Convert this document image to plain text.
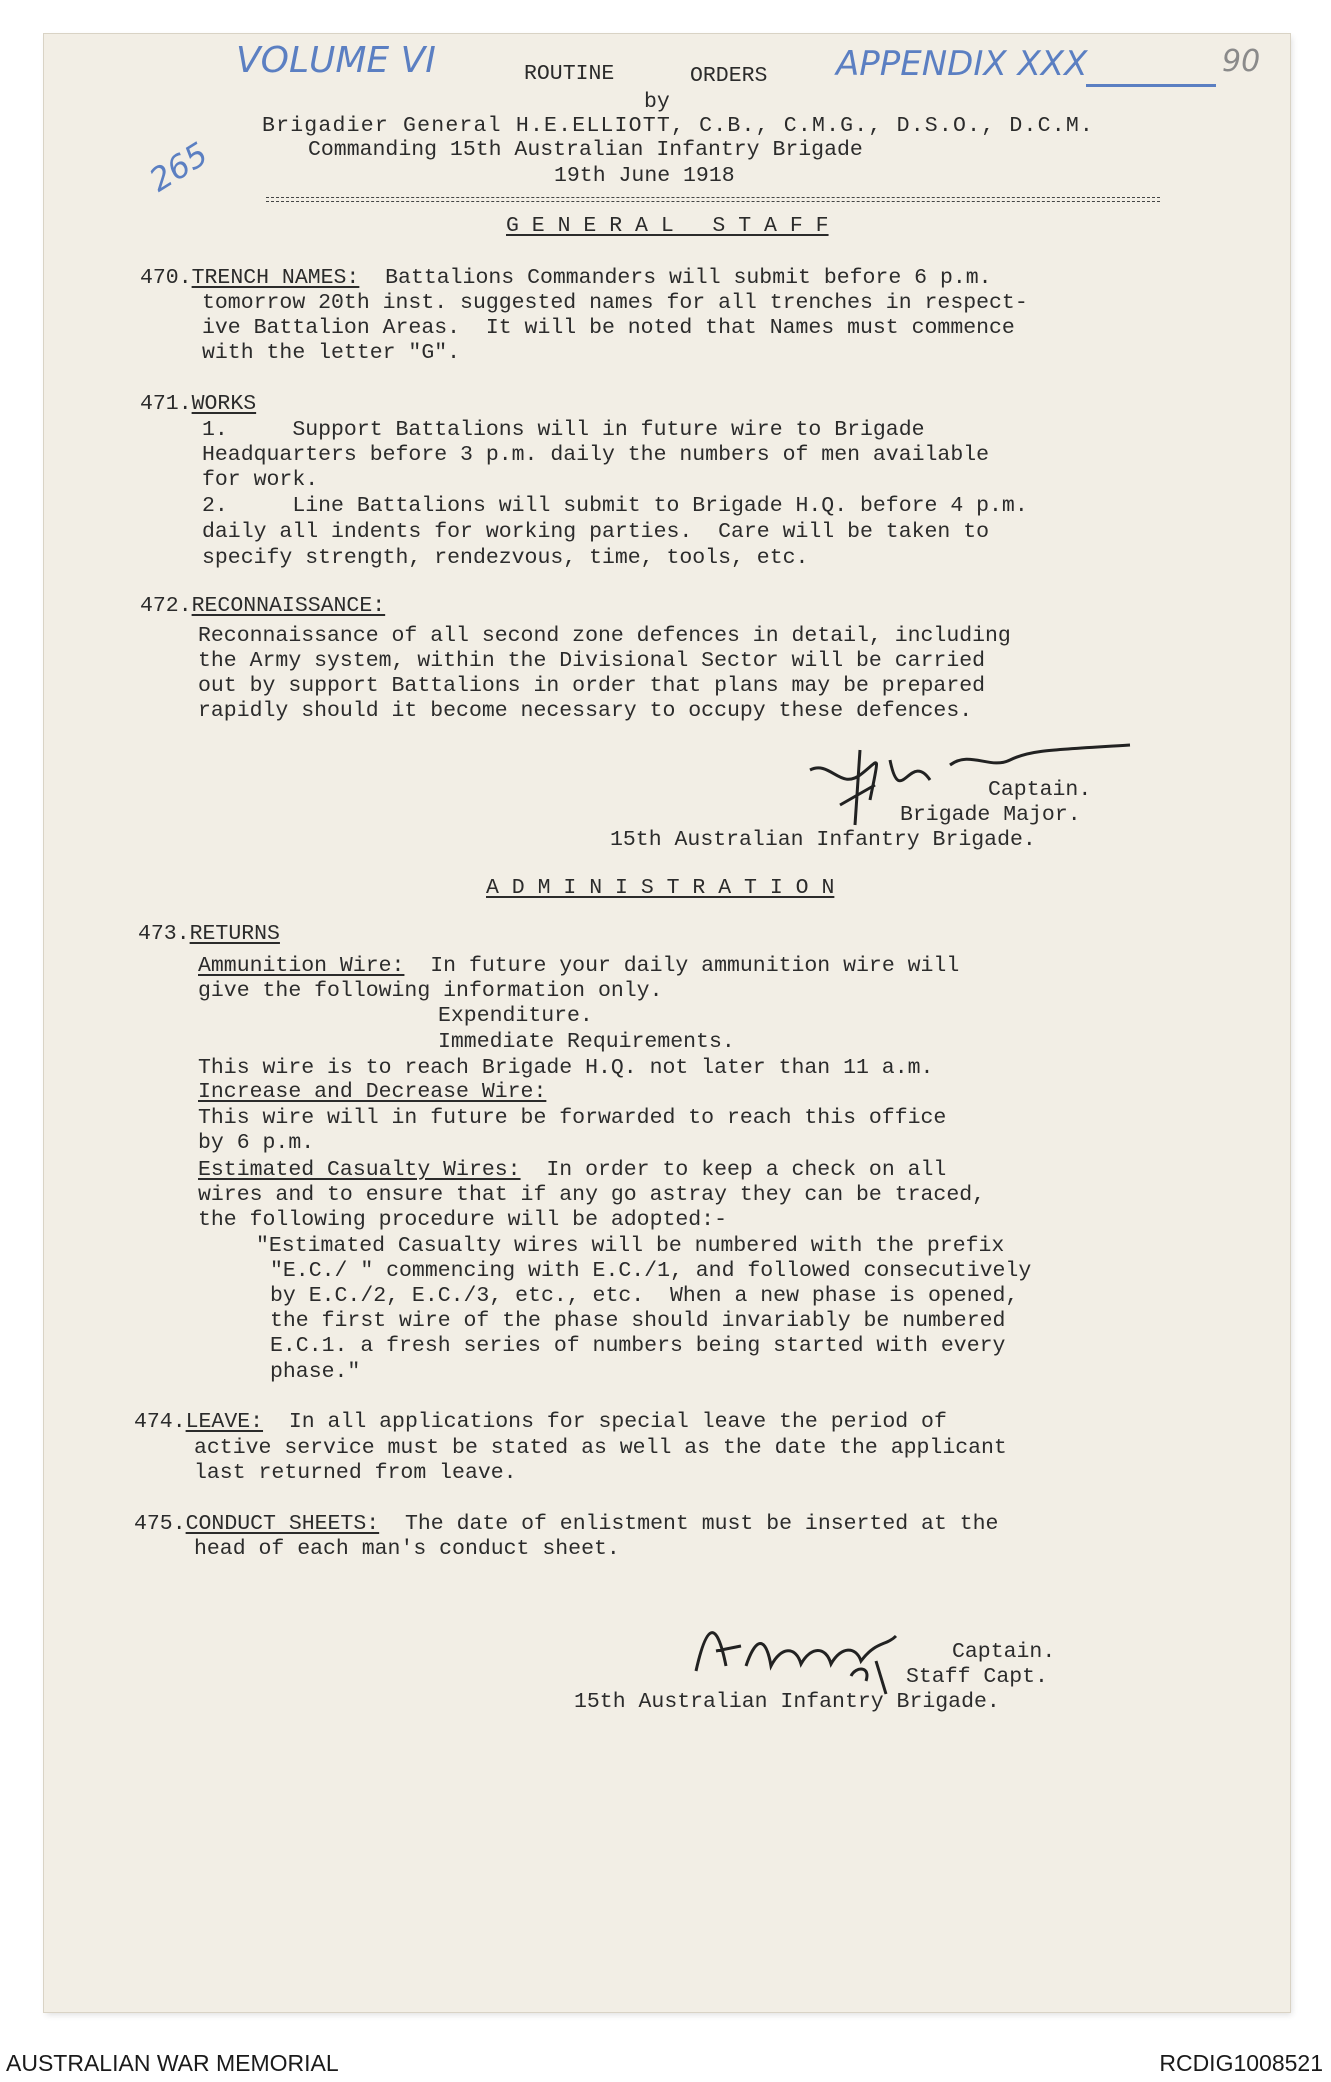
VOLUME VI	APPENDIX XXX	90
265
ROUTINE	ORDERS
by
Brigadier General H.E.ELLIOTT, C.B., C.M.G., D.S.O., D.C.M.
Commanding 15th Australian Infantry Brigade
19th June 1918
G E N E R A L   S T A F F
470.TRENCH NAMES:  Battalions Commanders will submit before 6 p.m.
tomorrow 20th inst. suggested names for all trenches in respect-
ive Battalion Areas.  It will be noted that Names must commence
with the letter "G".
471.WORKS
1.     Support Battalions will in future wire to Brigade
Headquarters before 3 p.m. daily the numbers of men available
for work.
2.     Line Battalions will submit to Brigade H.Q. before 4 p.m.
daily all indents for working parties.  Care will be taken to
specify strength, rendezvous, time, tools, etc.
472.RECONNAISSANCE:
Reconnaissance of all second zone defences in detail, including
the Army system, within the Divisional Sector will be carried
out by support Battalions in order that plans may be prepared
rapidly should it become necessary to occupy these defences.
Captain.
Brigade Major.
15th Australian Infantry Brigade.
A D M I N I S T R A T I O N
473.RETURNS
Ammunition Wire:  In future your daily ammunition wire will
give the following information only.
Expenditure.
Immediate Requirements.
This wire is to reach Brigade H.Q. not later than 11 a.m.
Increase and Decrease Wire:
This wire will in future be forwarded to reach this office
by 6 p.m.
Estimated Casualty Wires:  In order to keep a check on all
wires and to ensure that if any go astray they can be traced,
the following procedure will be adopted:-
"Estimated Casualty wires will be numbered with the prefix
"E.C./ " commencing with E.C./1, and followed consecutively
by E.C./2, E.C./3, etc., etc.  When a new phase is opened,
the first wire of the phase should invariably be numbered
E.C.1. a fresh series of numbers being started with every
phase."
474.LEAVE:  In all applications for special leave the period of
active service must be stated as well as the date the applicant
last returned from leave.
475.CONDUCT SHEETS:  The date of enlistment must be inserted at the
head of each man's conduct sheet.
Captain.
Staff Capt.
15th Australian Infantry Brigade.
AUSTRALIAN WAR MEMORIAL	RCDIG1008521
